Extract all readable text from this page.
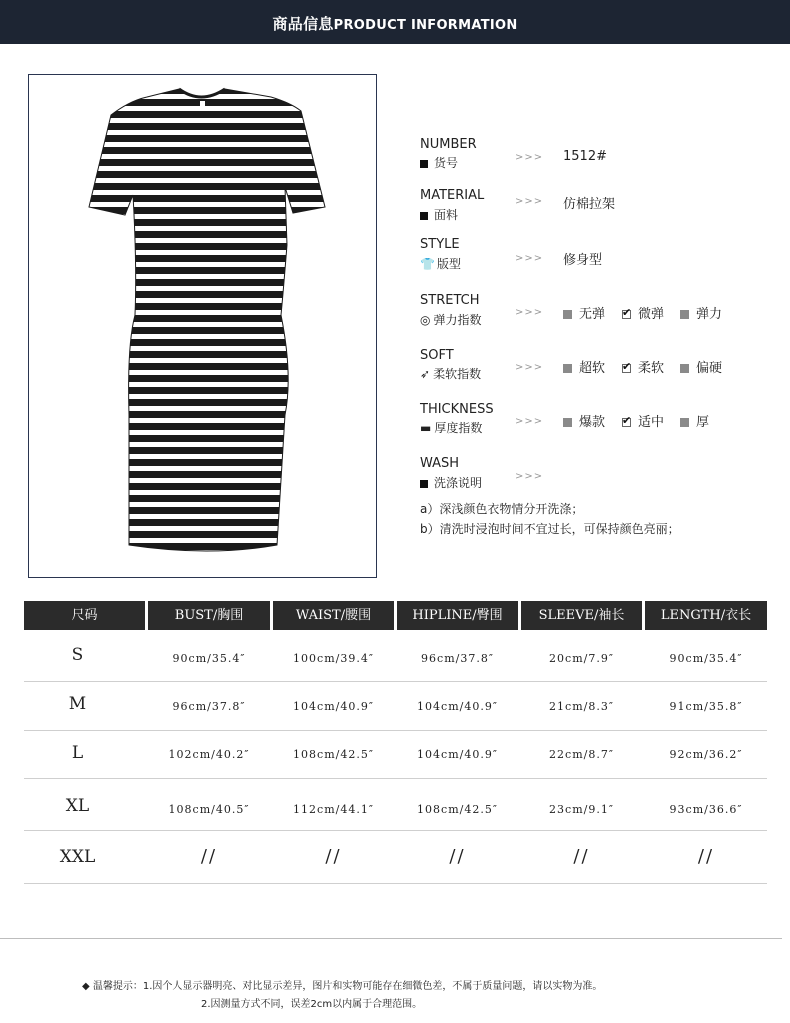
商品信息PRODUCT INFORMATION
NUMBER
货号	>>> 1512#
MATERIAL
面料
>>> 仿棉拉架
STYLE
👕 版型	>>> 修身型
STRETCH
◎ 弹力指数
>>>	无弹 ✔	微弹	弹力
SOFT
➶ 柔软指数	>>>	超软 ✔	柔软	偏硬
THICKNESS
▬ 厚度指数	>>>	爆款 ✔	适中	厚
WASH
洗涤说明	>>>
a）深浅颜色衣物情分开洗涤；
b）清洗时浸泡时间不宜过长，可保持颜色亮丽；
尺码	BUST/胸围	WAIST/腰围	HIPLINE/臀围	SLEEVE/袖长	LENGTH/衣长
S	90cm/35.4″	100cm/39.4″	96cm/37.8″	20cm/7.9″	90cm/35.4″
M	96cm/37.8″	104cm/40.9″	104cm/40.9″	21cm/8.3″	91cm/35.8″
L	102cm/40.2″	108cm/42.5″	104cm/40.9″	22cm/8.7″	92cm/36.2″
XL	108cm/40.5″	112cm/44.1″	108cm/42.5″	23cm/9.1″	93cm/36.6″
XXL	//	//	//	//	//
◆ 温馨提示：1.因个人显示器明亮、对比显示差异，图片和实物可能存在细微色差，不属于质量问题，请以实物为准。
2.因测量方式不同，误差2cm以内属于合理范围。
